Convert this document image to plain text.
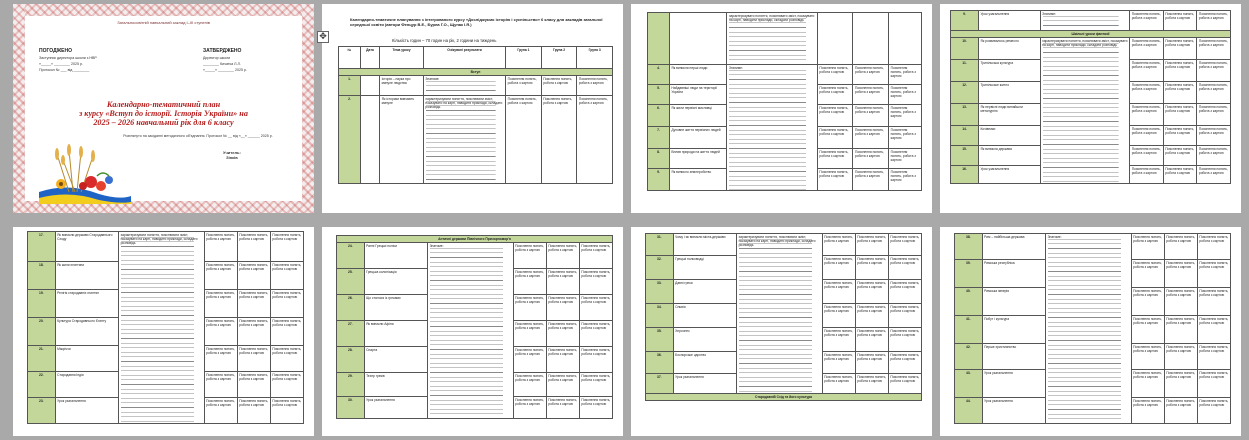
Загальноосвітній навчальний заклад І–ІІІ ступенів
ПОГОДЖЕНО
Заступник директора школи з НВР
«_____» ________ 2025 р.
Протокол № ___ від ________
ЗАТВЕРДЖЕНО
Директор школи
________ Кичатка Л.Л.
«_____» ________ 2025 р.
Календарно-тематичний план
з курсу «Вступ до історії. Історія України» на
2025 – 2026 навчальний рік для 6 класу
Розглянуто на засіданні методичного об'єднання. Протокол № __ від «__» ______ 2025 р.
Учитель:
Зінків
Календарно-тематичне планування з інтегрованого курсу «Досліджуємо історію і суспільство» 6 класу для закладів загальної середньої освіти (автори Фенцур В.Е., Бурла Г.О., Щупак І.Я.)
Кількість годин – 70 годин на рік, 2 години на тиждень
№	Дата	Тема уроку	Очікувані результати	Група 1	Група 2	Група 3
Вступ						
1.		Історія – наука про минуле людства	Знатиме:	Пояснення понять, робота з картою	Пояснення понять, робота з картою	Пояснення понять, робота з картою
2.		Як історики вивчають минуле	характеризувати поняття, пояснювати зміст, показувати на карті, наводити приклади, складати розповідь	Пояснення понять, робота з картою	Пояснення понять, робота з картою	Пояснення понять, робота з картою
✥
		характеризувати поняття, пояснювати зміст, показувати на карті, наводити приклади, складати розповідь			
4.	Як виникли перші люди	Знатиме:	Пояснення понять, робота з картою	Пояснення понять, робота з картою	Пояснення понять, робота з картою
5.	Найдавніші люди на території України		Пояснення понять, робота з картою	Пояснення понять, робота з картою	Пояснення понять, робота з картою
6.	Як жили первісні мисливці		Пояснення понять, робота з картою	Пояснення понять, робота з картою	Пояснення понять, робота з картою
7.	Духовне життя первісних людей		Пояснення понять, робота з картою	Пояснення понять, робота з картою	Пояснення понять, робота з картою
8.	Вплив природи на життя людей		Пояснення понять, робота з картою	Пояснення понять, робота з картою	Пояснення понять, робота з картою
9.	Як виникло землеробство		Пояснення понять, робота з картою	Пояснення понять, робота з картою	Пояснення понять, робота з картою
9.	Урок узагальнення	Знатиме:	Пояснення понять, робота з картою	Пояснення понять, робота з картою	Пояснення понять, робота з картою
Шкільні уроки фантазії					
10.	Як розвивалось ремесло	характеризувати поняття, пояснювати зміст, показувати на карті, наводити приклади, складати розповідь	Пояснення понять, робота з картою	Пояснення понять, робота з картою	Пояснення понять, робота з картою
11.	Трипільська культура		Пояснення понять, робота з картою	Пояснення понять, робота з картою	Пояснення понять, робота з картою
12.	Трипільське житло		Пояснення понять, робота з картою	Пояснення понять, робота з картою	Пояснення понять, робота з картою
13.	Як первісні люди винайшли металургію		Пояснення понять, робота з картою	Пояснення понять, робота з картою	Пояснення понять, робота з картою
14.	Кочівники		Пояснення понять, робота з картою	Пояснення понять, робота з картою	Пояснення понять, робота з картою
15.	Як виникла держава		Пояснення понять, робота з картою	Пояснення понять, робота з картою	Пояснення понять, робота з картою
16.	Урок узагальнення		Пояснення понять, робота з картою	Пояснення понять, робота з картою	Пояснення понять, робота з картою
17.	Як виникли держави Стародавнього Сходу	характеризувати поняття, пояснювати зміст, показувати на карті, наводити приклади, складати розповідь	Пояснення понять, робота з картою	Пояснення понять, робота з картою	Пояснення понять, робота з картою
18.	Як жили єгиптяни		Пояснення понять, робота з картою	Пояснення понять, робота з картою	Пояснення понять, робота з картою
19.	Релігія стародавніх єгиптян		Пояснення понять, робота з картою	Пояснення понять, робота з картою	Пояснення понять, робота з картою
20.	Культура Стародавнього Єгипту		Пояснення понять, робота з картою	Пояснення понять, робота з картою	Пояснення понять, робота з картою
21.	Міжріччя		Пояснення понять, робота з картою	Пояснення понять, робота з картою	Пояснення понять, робота з картою
22.	Стародавня Індія		Пояснення понять, робота з картою	Пояснення понять, робота з картою	Пояснення понять, робота з картою
23.	Урок узагальнення		Пояснення понять, робота з картою	Пояснення понять, робота з картою	Пояснення понять, робота з картою
Античні держави Північного Причорномор'я					
24.	Ранні Грецькі поліси	Знатиме:	Пояснення понять, робота з картою	Пояснення понять, робота з картою	Пояснення понять, робота з картою
25.	Грецька колонізація		Пояснення понять, робота з картою	Пояснення понять, робота з картою	Пояснення понять, робота з картою
26.	Що сталося із греками		Пояснення понять, робота з картою	Пояснення понять, робота з картою	Пояснення понять, робота з картою
27.	Як виникли Афіни		Пояснення понять, робота з картою	Пояснення понять, робота з картою	Пояснення понять, робота з картою
28.	Спарта		Пояснення понять, робота з картою	Пояснення понять, робота з картою	Пояснення понять, робота з картою
29.	Театр греків		Пояснення понять, робота з картою	Пояснення понять, робота з картою	Пояснення понять, робота з картою
30.	Урок узагальнення		Пояснення понять, робота з картою	Пояснення понять, робота з картою	Пояснення понять, робота з картою
31.	Чому і як виникли міста-держави	характеризувати поняття, пояснювати зміст, показувати на карті, наводити приклади, складати розповідь	Пояснення понять, робота з картою	Пояснення понять, робота з картою	Пояснення понять, робота з картою
32.	Грецькі полководці		Пояснення понять, робота з картою	Пояснення понять, робота з картою	Пояснення понять, робота з картою
33.	Давні греки		Пояснення понять, робота з картою	Пояснення понять, робота з картою	Пояснення понять, робота з картою
34.	Ольвія		Пояснення понять, робота з картою	Пояснення понять, робота з картою	Пояснення понять, робота з картою
35.	Херсонес		Пояснення понять, робота з картою	Пояснення понять, робота з картою	Пояснення понять, робота з картою
36.	Боспорське царство		Пояснення понять, робота з картою	Пояснення понять, робота з картою	Пояснення понять, робота з картою
37.	Урок узагальнення		Пояснення понять, робота з картою	Пояснення понять, робота з картою	Пояснення понять, робота з картою
Стародавній Схід та його культура					
38.	Рим – найбільша держава	Знатиме:	Пояснення понять, робота з картою	Пояснення понять, робота з картою	Пояснення понять, робота з картою
39.	Римська республіка		Пояснення понять, робота з картою	Пояснення понять, робота з картою	Пояснення понять, робота з картою
40.	Римська імперія		Пояснення понять, робота з картою	Пояснення понять, робота з картою	Пояснення понять, робота з картою
41.	Побут і культура		Пояснення понять, робота з картою	Пояснення понять, робота з картою	Пояснення понять, робота з картою
42.	Перше християнство		Пояснення понять, робота з картою	Пояснення понять, робота з картою	Пояснення понять, робота з картою
43.	Урок узагальнення		Пояснення понять, робота з картою	Пояснення понять, робота з картою	Пояснення понять, робота з картою
44.	Урок узагальнення		Пояснення понять, робота з картою	Пояснення понять, робота з картою	Пояснення понять, робота з картою
